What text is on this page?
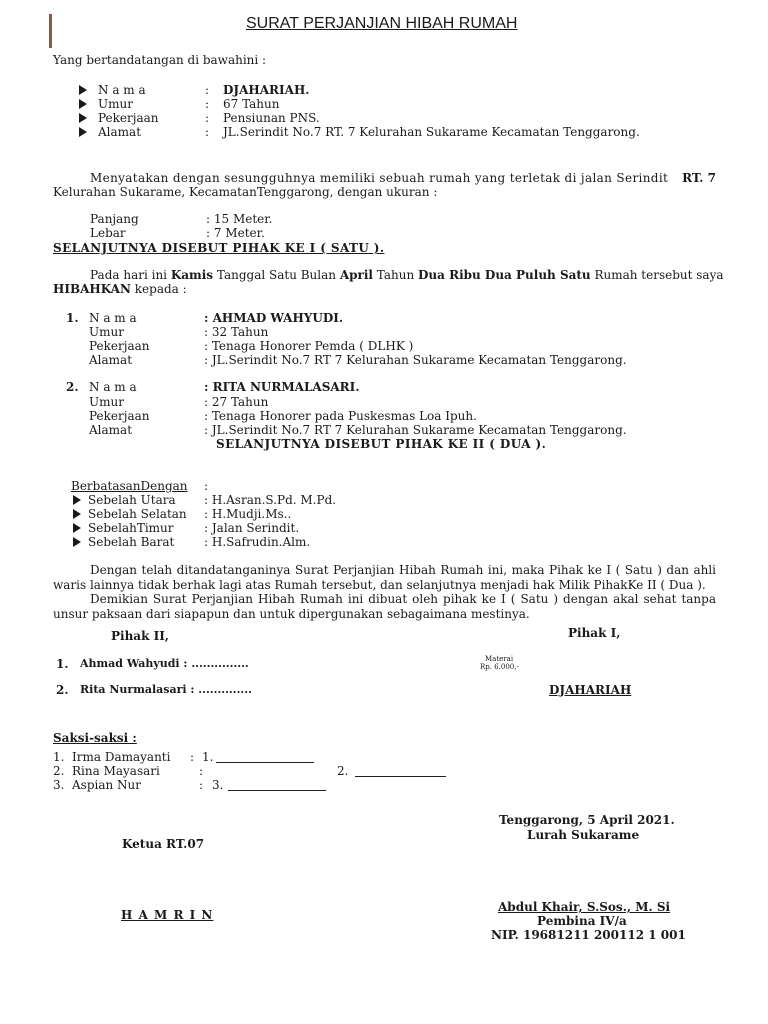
SURAT PERJANJIAN HIBAH RUMAH
Yang bertandatangan di bawahini :
N a m a	: DJAHARIAH.
Umur	: 67 Tahun
Pekerjaan	: Pensiunan PNS.
Alamat	: JL.Serindit No.7 RT. 7 Kelurahan Sukarame Kecamatan Tenggarong.
Menyatakan dengan sesungguhnya memiliki sebuah rumah yang terletak di jalan Serindit RT. 7
Kelurahan Sukarame, KecamatanTenggarong, dengan ukuran :
Panjang	: 15 Meter.
Lebar	: 7 Meter.
SELANJUTNYA DISEBUT PIHAK KE I ( SATU ).
Pada hari ini Kamis Tanggal Satu Bulan April Tahun Dua Ribu Dua Puluh Satu Rumah tersebut saya
HIBAHKAN kepada :
1. N a m a	: AHMAD WAHYUDI.
Umur	: 32 Tahun
Pekerjaan	: Tenaga Honorer Pemda ( DLHK )
Alamat	: JL.Serindit No.7 RT 7 Kelurahan Sukarame Kecamatan Tenggarong.
2. N a m a	: RITA NURMALASARI.
Umur	: 27 Tahun
Pekerjaan	: Tenaga Honorer pada Puskesmas Loa Ipuh.
Alamat	: JL.Serindit No.7 RT 7 Kelurahan Sukarame Kecamatan Tenggarong.
SELANJUTNYA DISEBUT PIHAK KE II ( DUA ).
BerbatasanDengan :
Sebelah Utara : H.Asran.S.Pd. M.Pd.
Sebelah Selatan : H.Mudji.Ms..
SebelahTimur	: Jalan Serindit.
Sebelah Barat : H.Safrudin.Alm.
Dengan telah ditandatanganinya Surat Perjanjian Hibah Rumah ini, maka Pihak ke I ( Satu ) dan ahli waris lainnya tidak berhak lagi atas Rumah tersebut, dan selanjutnya menjadi hak Milik PihakKe II ( Dua ).
Demikian Surat Perjanjian Hibah Rumah ini dibuat oleh pihak ke I ( Satu ) dengan akal sehat tanpa unsur paksaan dari siapapun dan untuk dipergunakan sebagaimana mestinya.
Pihak II,	Pihak I,
1. Ahmad Wahyudi : ...............	Materai
Rp. 6.000,-
2. Rita Nurmalasari : ..............	DJAHARIAH
Saksi-saksi :
1. Irma Damayanti : 1.
2. Rina Mayasari	:	2.
3. Aspian Nur	: 3.
Tenggarong, 5 April 2021.
Lurah Sukarame
Ketua RT.07
H A M R I N
Abdul Khair, S.Sos., M. Si
Pembina IV/a
NIP. 19681211 200112 1 001
